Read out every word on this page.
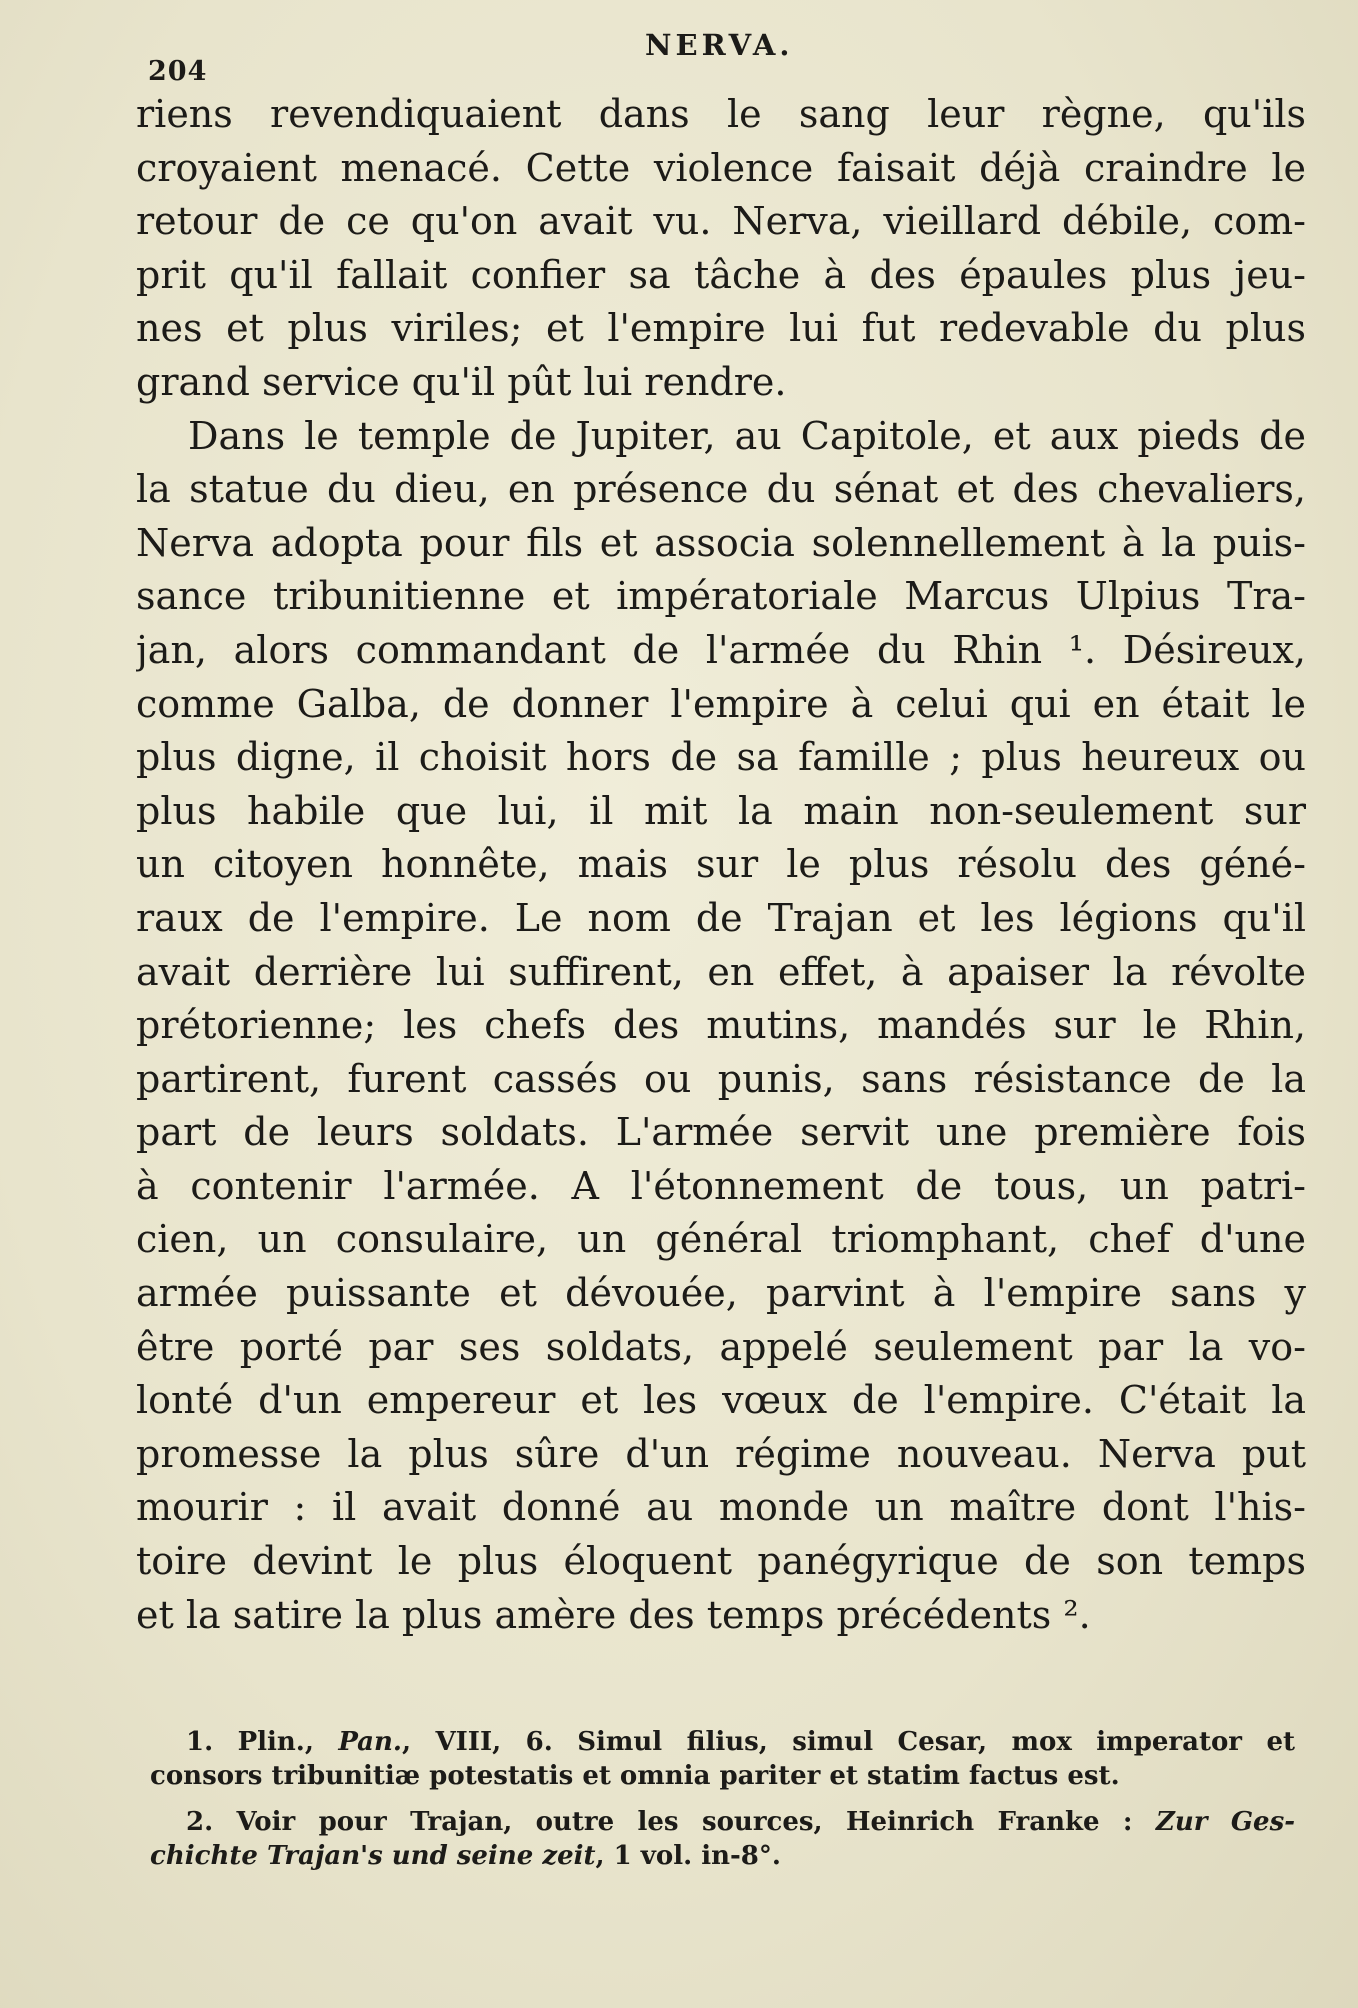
204
NERVA.
riens revendiquaient dans le sang leur règne, qu'ils
croyaient menacé. Cette violence faisait déjà craindre le
retour de ce qu'on avait vu. Nerva, vieillard débile, com-
prit qu'il fallait confier sa tâche à des épaules plus jeu-
nes et plus viriles; et l'empire lui fut redevable du plus
grand service qu'il pût lui rendre.
Dans le temple de Jupiter, au Capitole, et aux pieds de
la statue du dieu, en présence du sénat et des chevaliers,
Nerva adopta pour fils et associa solennellement à la puis-
sance tribunitienne et impératoriale Marcus Ulpius Tra-
jan, alors commandant de l'armée du Rhin ¹. Désireux,
comme Galba, de donner l'empire à celui qui en était le
plus digne, il choisit hors de sa famille ; plus heureux ou
plus habile que lui, il mit la main non-seulement sur
un citoyen honnête, mais sur le plus résolu des géné-
raux de l'empire. Le nom de Trajan et les légions qu'il
avait derrière lui suffirent, en effet, à apaiser la révolte
prétorienne; les chefs des mutins, mandés sur le Rhin,
partirent, furent cassés ou punis, sans résistance de la
part de leurs soldats. L'armée servit une première fois
à contenir l'armée. A l'étonnement de tous, un patri-
cien, un consulaire, un général triomphant, chef d'une
armée puissante et dévouée, parvint à l'empire sans y
être porté par ses soldats, appelé seulement par la vo-
lonté d'un empereur et les vœux de l'empire. C'était la
promesse la plus sûre d'un régime nouveau. Nerva put
mourir : il avait donné au monde un maître dont l'his-
toire devint le plus éloquent panégyrique de son temps
et la satire la plus amère des temps précédents ².
1. Plin., Pan., VIII, 6. Simul filius, simul Cesar, mox imperator et
consors tribunitiæ potestatis et omnia pariter et statim factus est.
2. Voir pour Trajan, outre les sources, Heinrich Franke : Zur Ges-
chichte Trajan's und seine zeit, 1 vol. in-8°.
